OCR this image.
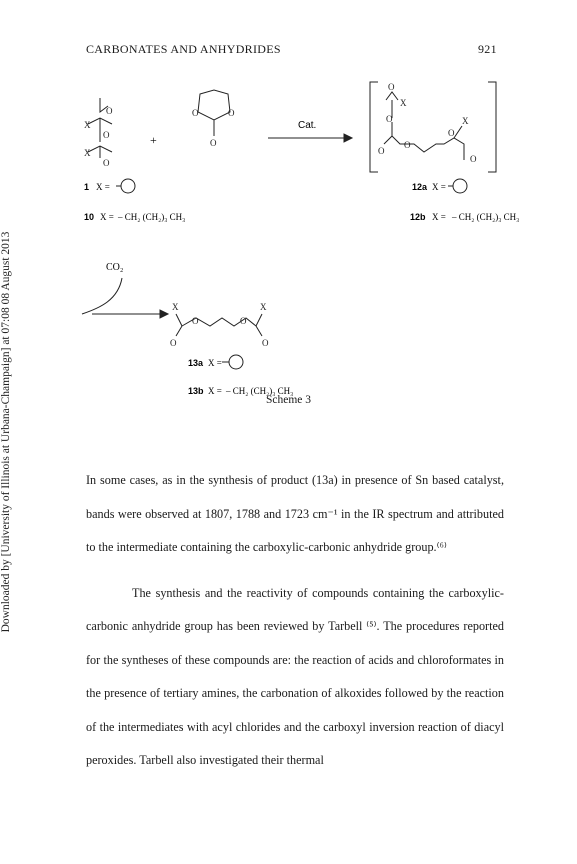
CARBONATES AND ANHYDRIDES	921
Downloaded by [University of Illinois at Urbana-Champaign] at 07:08 08 August 2013
X
O
O
X
O
O	O
O
O
X
O
O
O
O
X
O
X
O
O	O
X
O
+
Cat.
CO₂
1 X =
10 X = – CH₂ (CH₂)₃ CH₃
12a X =
12b X = – CH₂ (CH₂)₃ CH₃
13a X =
13b X = – CH₂ (CH₂)₃ CH₃
Scheme 3

In some cases, as in the synthesis of product (13a) in presence of Sn based catalyst, bands were observed at 1807, 1788 and 1723 cm⁻¹ in the IR spectrum and attributed to the intermediate containing the carboxylic-carbonic anhydride group.⁽⁶⁾

The synthesis and the reactivity of compounds containing the carboxylic-carbonic anhydride group has been reviewed by Tarbell ⁽⁵⁾. The procedures reported for the syntheses of these compounds are: the reaction of acids and chloroformates in the presence of tertiary amines, the carbonation of alkoxides followed by the reaction of the intermediates with acyl chlorides and the carboxyl inversion reaction of diacyl peroxides. Tarbell also investigated their thermal
